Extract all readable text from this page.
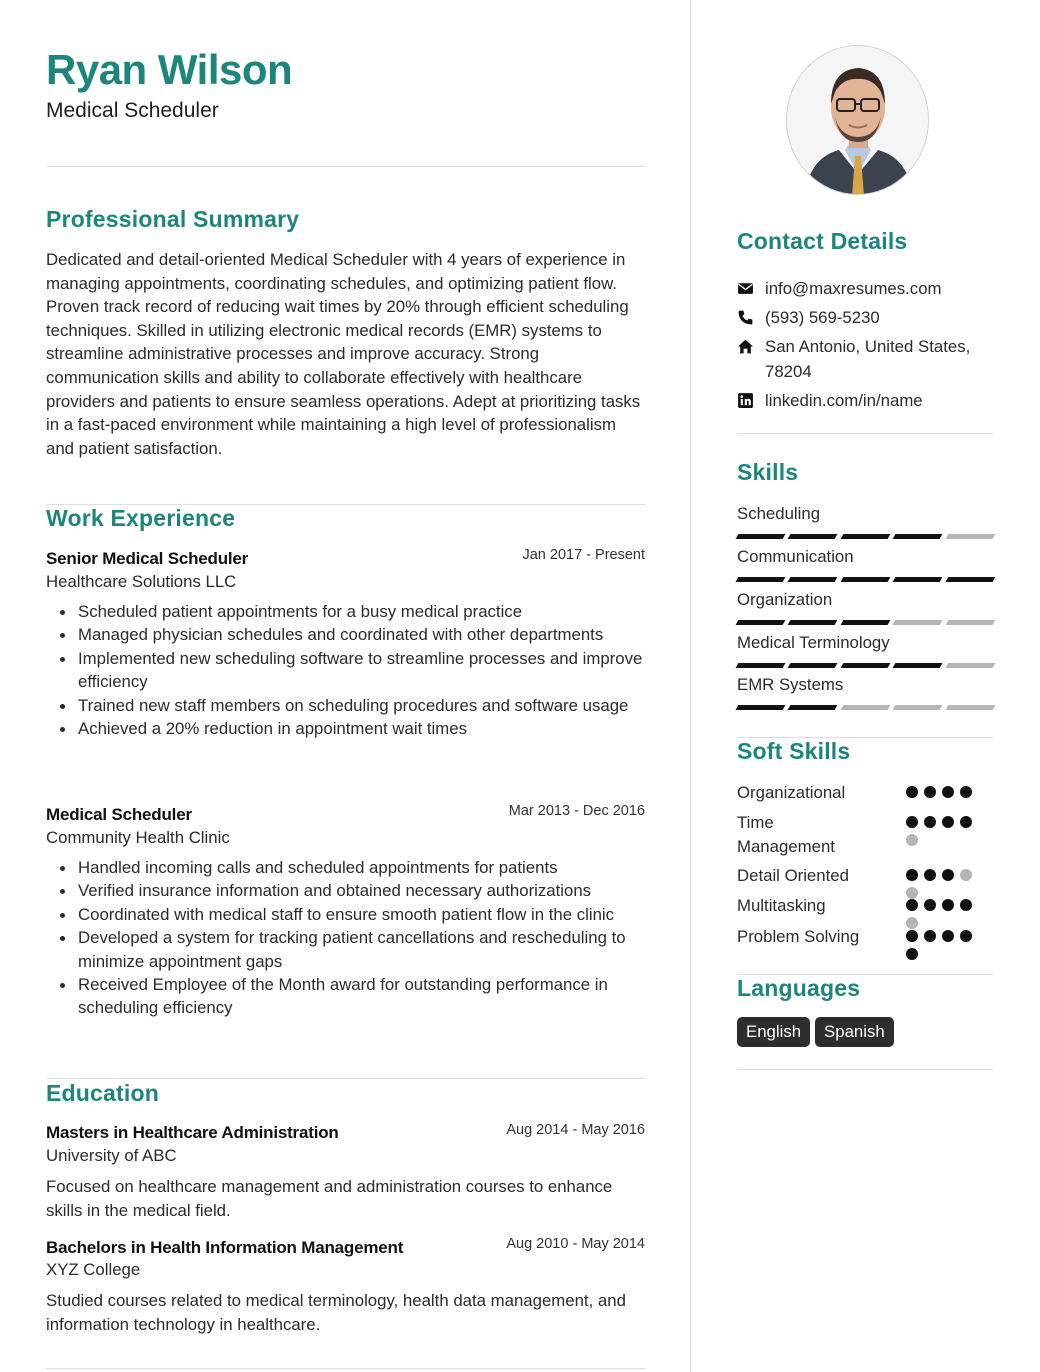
Ryan Wilson
Medical Scheduler
Professional Summary
Dedicated and detail-oriented Medical Scheduler with 4 years of experience in managing appointments, coordinating schedules, and optimizing patient flow. Proven track record of reducing wait times by 20% through efficient scheduling techniques. Skilled in utilizing electronic medical records (EMR) systems to streamline administrative processes and improve accuracy. Strong communication skills and ability to collaborate effectively with healthcare providers and patients to ensure seamless operations. Adept at prioritizing tasks in a fast-paced environment while maintaining a high level of professionalism and patient satisfaction.
Work Experience
Senior Medical Scheduler	Jan 2017 - Present
Healthcare Solutions LLC
Scheduled patient appointments for a busy medical practice
Managed physician schedules and coordinated with other departments
Implemented new scheduling software to streamline processes and improve efficiency
Trained new staff members on scheduling procedures and software usage
Achieved a 20% reduction in appointment wait times
Medical Scheduler	Mar 2013 - Dec 2016
Community Health Clinic
Handled incoming calls and scheduled appointments for patients
Verified insurance information and obtained necessary authorizations
Coordinated with medical staff to ensure smooth patient flow in the clinic
Developed a system for tracking patient cancellations and rescheduling to minimize appointment gaps
Received Employee of the Month award for outstanding performance in scheduling efficiency
Education
Masters in Healthcare Administration	Aug 2014 - May 2016
University of ABC
Focused on healthcare management and administration courses to enhance skills in the medical field.
Bachelors in Health Information Management	Aug 2010 - May 2014
XYZ College
Studied courses related to medical terminology, health data management, and information technology in healthcare.
Contact Details
info@maxresumes.com
(593) 569-5230
San Antonio, United States, 78204
linkedin.com/in/name
Skills
Scheduling
Communication
Organization
Medical Terminology
EMR Systems
Soft Skills
Organizational
Time Management
Detail Oriented
Multitasking
Problem Solving
Languages
English	Spanish
